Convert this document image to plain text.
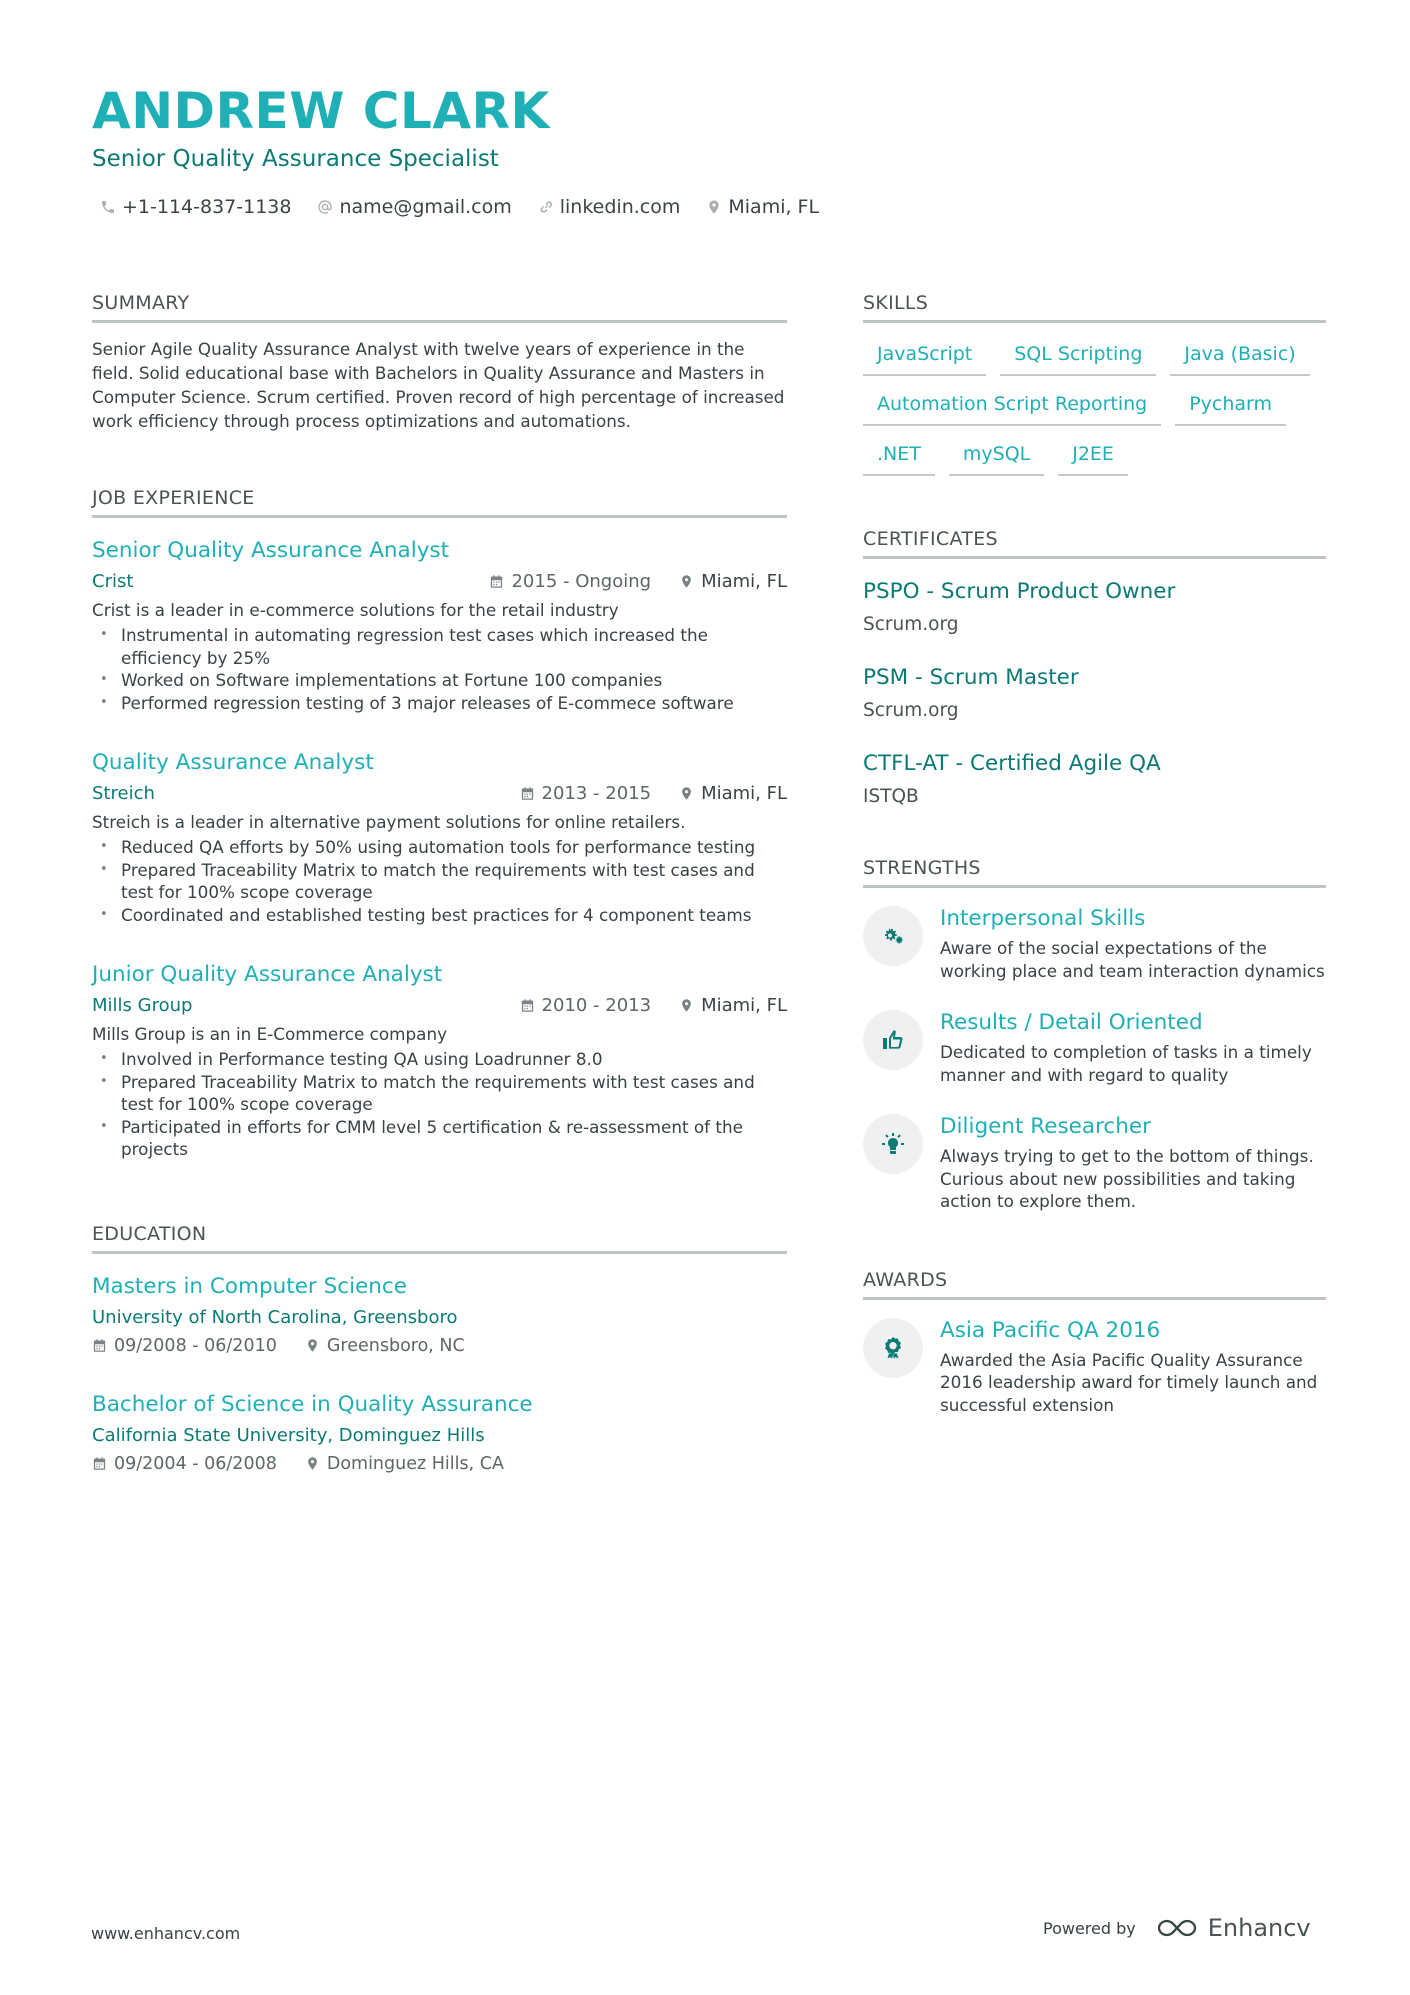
ANDREW CLARK
Senior Quality Assurance Specialist
+1-114-837-1138	name@gmail.com	linkedin.com	Miami, FL
SUMMARY
Senior Agile Quality Assurance Analyst with twelve years of experience in the field. Solid educational base with Bachelors in Quality Assurance and Masters in Computer Science. Scrum certified. Proven record of high percentage of increased work efficiency through process optimizations and automations.
JOB EXPERIENCE
Senior Quality Assurance Analyst
Crist	2015 - Ongoing	Miami, FL
Crist is a leader in e-commerce solutions for the retail industry
• Instrumental in automating regression test cases which increased the efficiency by 25%
• Worked on Software implementations at Fortune 100 companies
• Performed regression testing of 3 major releases of E-commece software
Quality Assurance Analyst
Streich	2013 - 2015	Miami, FL
Streich is a leader in alternative payment solutions for online retailers.
• Reduced QA efforts by 50% using automation tools for performance testing
• Prepared Traceability Matrix to match the requirements with test cases and test for 100% scope coverage
• Coordinated and established testing best practices for 4 component teams
Junior Quality Assurance Analyst
Mills Group	2010 - 2013	Miami, FL
Mills Group is an in E-Commerce company
• Involved in Performance testing QA using Loadrunner 8.0
• Prepared Traceability Matrix to match the requirements with test cases and test for 100% scope coverage
• Participated in efforts for CMM level 5 certification & re-assessment of the projects
EDUCATION
Masters in Computer Science
University of North Carolina, Greensboro
09/2008 - 06/2010	Greensboro, NC
Bachelor of Science in Quality Assurance
California State University, Dominguez Hills
09/2004 - 06/2008	Dominguez Hills, CA
SKILLS
JavaScript	SQL Scripting	Java (Basic)
Automation Script Reporting	Pycharm
.NET	mySQL	J2EE
CERTIFICATES
PSPO - Scrum Product Owner
Scrum.org
PSM - Scrum Master
Scrum.org
CTFL-AT - Certified Agile QA
ISTQB
STRENGTHS
Interpersonal Skills
Aware of the social expectations of the working place and team interaction dynamics
Results / Detail Oriented
Dedicated to completion of tasks in a timely manner and with regard to quality
Diligent Researcher
Always trying to get to the bottom of things. Curious about new possibilities and taking action to explore them.
AWARDS
Asia Pacific QA 2016
Awarded the Asia Pacific Quality Assurance 2016 leadership award for timely launch and successful extension
www.enhancv.com	Powered by	Enhancv
